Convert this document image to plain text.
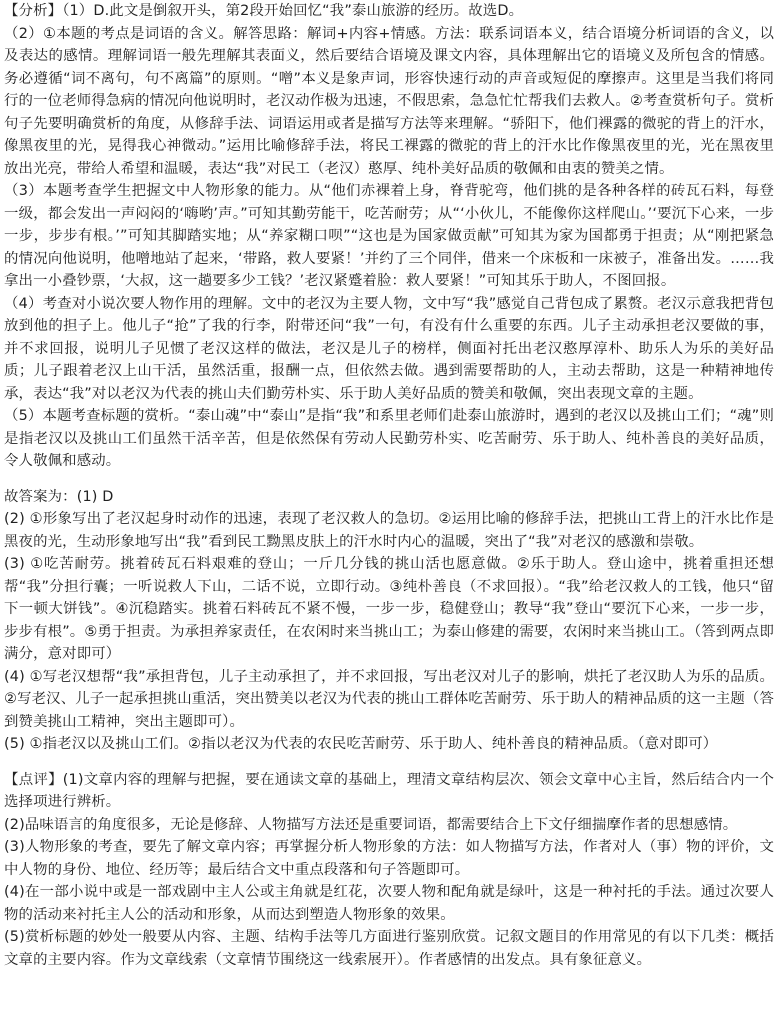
【分析】（1）D.此文是倒叙开头，第2段开始回忆“我”泰山旅游的经历。故选D。

（2）①本题的考点是词语的含义。解答思路：解词+内容+情感。方法：联系词语本义，结合语境分析词语的含义，以及表达的感情。理解词语一般先理解其表面义，然后要结合语境及课文内容，具体理解出它的语境义及所包含的情感。务必遵循“词不离句，句不离篇”的原则。“噌”本义是象声词，形容快速行动的声音或短促的摩擦声。这里是当我们将同行的一位老师得急病的情况向他说明时，老汉动作极为迅速，不假思索，急急忙忙帮我们去救人。②考查赏析句子。赏析句子先要明确赏析的角度，从修辞手法、词语运用或者是描写方法等来理解。“骄阳下，他们裸露的微驼的背上的汗水，像黑夜里的光，晃得我心神微动。”运用比喻修辞手法，将民工裸露的微驼的背上的汗水比作像黑夜里的光，光在黑夜里放出光亮，带给人希望和温暖，表达“我”对民工（老汉）憨厚、纯朴美好品质的敬佩和由衷的赞美之情。

（3）本题考查学生把握文中人物形象的能力。从“他们赤裸着上身，脊背驼弯，他们挑的是各种各样的砖瓦石料，每登一级，都会发出一声闷闷的‘嗨哟’声。”可知其勤劳能干，吃苦耐劳；从“‘小伙儿，不能像你这样爬山。’‘要沉下心来，一步一步，步步有根。’”可知其脚踏实地；从“养家糊口呗”“这也是为国家做贡献”可知其为家为国都勇于担责；从“刚把紧急的情况向他说明，他噌地站了起来，‘带路，救人要紧！’并约了三个同伴，借来一个床板和一床被子，准备出发。……我拿出一小叠钞票，‘大叔，这一趟要多少工钱？’老汉紧蹙着脸：救人要紧！”可知其乐于助人，不图回报。

（4）考查对小说次要人物作用的理解。文中的老汉为主要人物，文中写“我”感觉自己背包成了累赘。老汉示意我把背包放到他的担子上。他儿子“抢”了我的行李，附带还问“我”一句，有没有什么重要的东西。儿子主动承担老汉要做的事，并不求回报，说明儿子见惯了老汉这样的做法，老汉是儿子的榜样，侧面衬托出老汉憨厚淳朴、助乐人为乐的美好品质；儿子跟着老汉上山干活，虽然活重，报酬一点，但依然去做。遇到需要帮助的人，主动去帮助，这是一种精神地传承，表达“我”对以老汉为代表的挑山夫们勤劳朴实、乐于助人美好品质的赞美和敬佩，突出表现文章的主题。

（5）本题考查标题的赏析。“泰山魂”中“泰山”是指“我”和系里老师们赴泰山旅游时，遇到的老汉以及挑山工们；“魂”则是指老汉以及挑山工们虽然干活辛苦，但是依然保有劳动人民勤劳朴实、吃苦耐劳、乐于助人、纯朴善良的美好品质，令人敬佩和感动。

故答案为：(1) D

(2) ①形象写出了老汉起身时动作的迅速，表现了老汉救人的急切。②运用比喻的修辞手法，把挑山工背上的汗水比作是黑夜的光，生动形象地写出“我”看到民工黝黑皮肤上的汗水时内心的温暖，突出了“我”对老汉的感激和崇敬。

(3) ①吃苦耐劳。挑着砖瓦石料艰难的登山；一斤几分钱的挑山活也愿意做。②乐于助人。登山途中，挑着重担还想帮“我”分担行囊；一听说救人下山，二话不说，立即行动。③纯朴善良（不求回报）。“我”给老汉救人的工钱，他只“留下一顿大饼钱”。④沉稳踏实。挑着石料砖瓦不紧不慢，一步一步，稳健登山；教导“我”登山“要沉下心来，一步一步，步步有根”。⑤勇于担责。为承担养家责任，在农闲时来当挑山工；为泰山修建的需要，农闲时来当挑山工。（答到两点即满分，意对即可）

(4) ①写老汉想帮“我”承担背包，儿子主动承担了，并不求回报，写出老汉对儿子的影响，烘托了老汉助人为乐的品质。②写老汉、儿子一起承担挑山重活，突出赞美以老汉为代表的挑山工群体吃苦耐劳、乐于助人的精神品质的这一主题（答到赞美挑山工精神，突出主题即可）。

(5) ①指老汉以及挑山工们。②指以老汉为代表的农民吃苦耐劳、乐于助人、纯朴善良的精神品质。（意对即可）

【点评】(1)文章内容的理解与把握，要在通读文章的基础上，理清文章结构层次、领会文章中心主旨，然后结合内一个选择项进行辨析。

(2)品味语言的角度很多，无论是修辞、人物描写方法还是重要词语，都需要结合上下文仔细揣摩作者的思想感情。

(3)人物形象的考查，要先了解文章内容；再掌握分析人物形象的方法：如人物描写方法，作者对人（事）物的评价，文中人物的身份、地位、经历等；最后结合文中重点段落和句子答题即可。

(4)在一部小说中或是一部戏剧中主人公或主角就是红花，次要人物和配角就是绿叶，这是一种衬托的手法。通过次要人物的活动来衬托主人公的活动和形象，从而达到塑造人物形象的效果。

(5)赏析标题的妙处一般要从内容、主题、结构手法等几方面进行鉴别欣赏。记叙文题目的作用常见的有以下几类：概括文章的主要内容。作为文章线索（文章情节围绕这一线索展开）。作者感情的出发点。具有象征意义。
